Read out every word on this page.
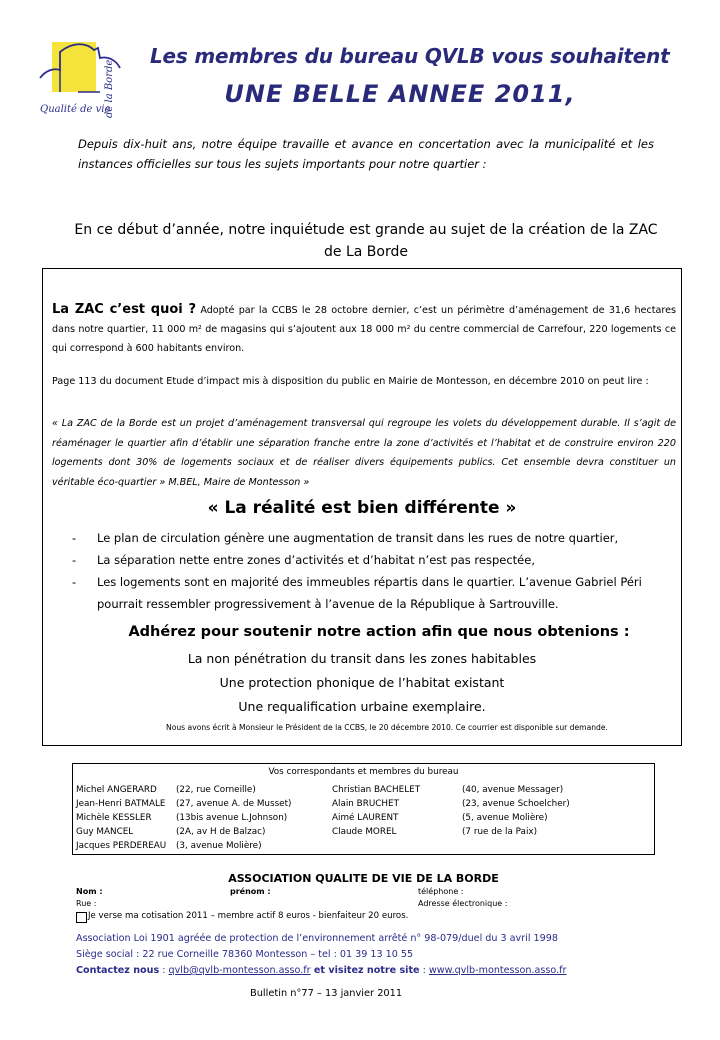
Qualité de vie
de la Borde
Les membres du bureau QVLB vous souhaitent
UNE BELLE ANNEE 2011,
Depuis dix-huit ans, notre équipe travaille et avance en concertation avec la municipalité et les instances officielles sur tous les sujets importants pour notre quartier :
En ce début d’année, notre inquiétude est grande au sujet de la création de la ZAC de La Borde
La ZAC c’est quoi ? Adopté par la CCBS le 28 octobre dernier, c’est un périmètre d’aménagement de 31,6 hectares dans notre quartier, 11 000 m² de magasins qui s’ajoutent aux 18 000 m² du centre commercial de Carrefour, 220 logements ce qui correspond à 600 habitants environ.
Page 113 du document Etude d’impact mis à disposition du public en Mairie de Montesson, en décembre 2010 on peut lire :
« La ZAC de la Borde est un projet d’aménagement transversal qui regroupe les volets du développement durable. Il s’agit de réaménager le quartier afin d’établir une séparation franche entre la zone d’activités et l’habitat et de construire environ 220 logements dont 30% de logements sociaux et de réaliser divers équipements publics. Cet ensemble devra constituer un véritable éco-quartier » M.BEL, Maire de Montesson »
« La réalité est bien différente »
- Le plan de circulation génère une augmentation de transit dans les rues de notre quartier,
- La séparation nette entre zones d’activités et d’habitat n’est pas respectée,
- Les logements sont en majorité des immeubles répartis dans le quartier. L’avenue Gabriel Péri pourrait ressembler progressivement à l’avenue de la République à Sartrouville.
Adhérez pour soutenir notre action afin que nous obtenions :
La non pénétration du transit dans les zones habitables
Une protection phonique de l’habitat existant
Une requalification urbaine exemplaire.
Nous avons écrit à Monsieur le Président de la CCBS, le 20 décembre 2010. Ce courrier est disponible sur demande.
Vos correspondants et membres du bureau
Michel ANGERARD (22, rue Corneille)	Christian BACHELET	(40, avenue Messager)
Jean-Henri BATMALE (27, avenue A. de Musset)	Alain BRUCHET	(23, avenue Schoelcher)
Michèle KESSLER	(13bis avenue L.Johnson)	Aimé LAURENT	(5, avenue Molière)
Guy MANCEL	(2A, av H de Balzac)	Claude MOREL	(7 rue de la Paix)
Jacques PERDEREAU (3, avenue Molière)
ASSOCIATION QUALITE DE VIE DE LA BORDE
Nom :	prénom :	téléphone :
Rue :	Adresse électronique :
Je verse ma cotisation 2011 – membre actif 8 euros - bienfaiteur 20 euros.
Association Loi 1901 agréée de protection de l’environnement arrêté n° 98-079/duel du 3 avril 1998
Siège social : 22 rue Corneille 78360 Montesson – tel : 01 39 13 10 55
Contactez nous : qvlb@qvlb-montesson.asso.fr et visitez notre site : www.qvlb-montesson.asso.fr
Bulletin n°77 – 13 janvier 2011
